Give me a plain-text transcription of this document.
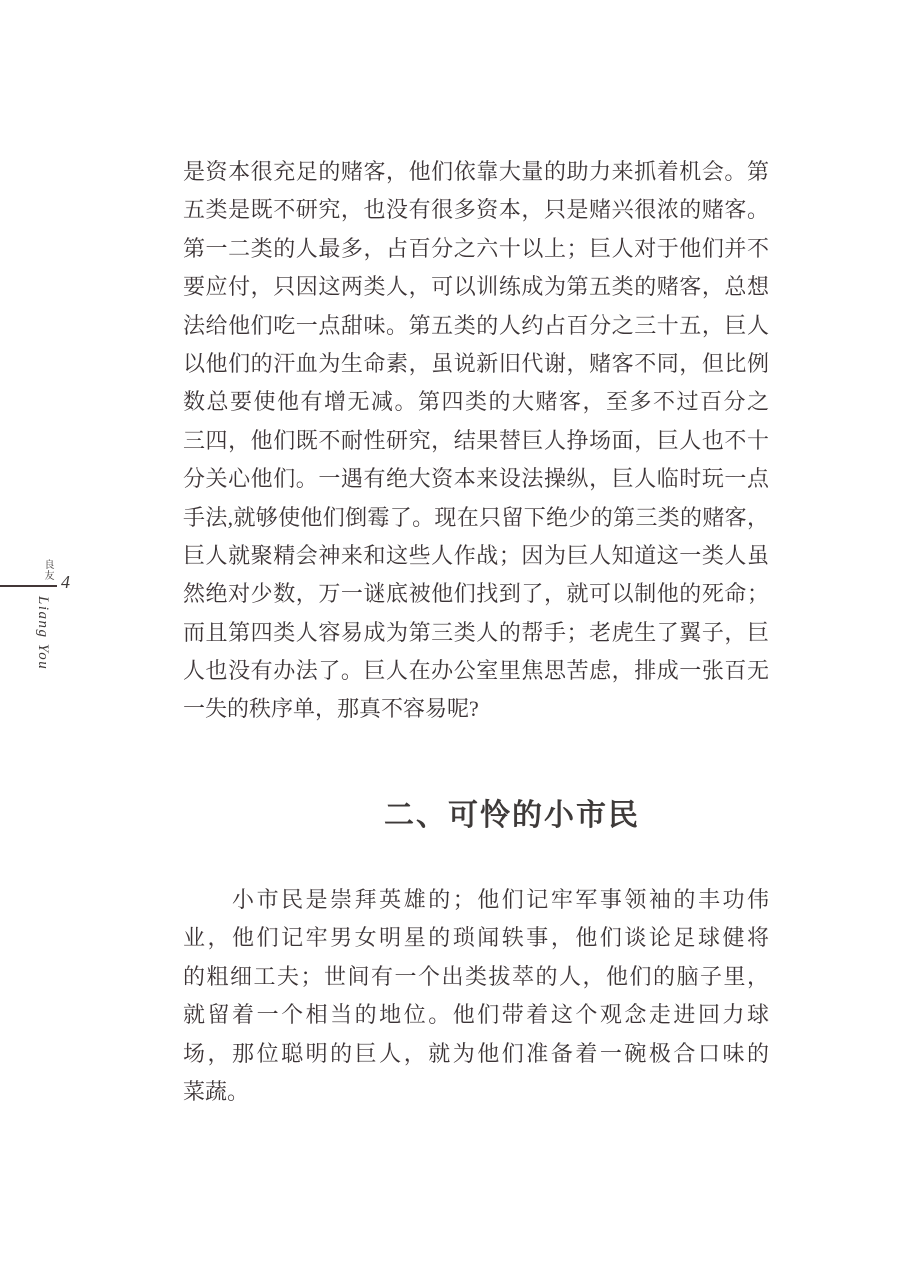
良友
4
Liang You
是资本很充足的赌客，他们依靠大量的助力来抓着机会。第
五类是既不研究，也没有很多资本，只是赌兴很浓的赌客。
第一二类的人最多，占百分之六十以上；巨人对于他们并不
要应付，只因这两类人，可以训练成为第五类的赌客，总想
法给他们吃一点甜味。第五类的人约占百分之三十五，巨人
以他们的汗血为生命素，虽说新旧代谢，赌客不同，但比例
数总要使他有增无减。第四类的大赌客，至多不过百分之
三四，他们既不耐性研究，结果替巨人挣场面，巨人也不十
分关心他们。一遇有绝大资本来设法操纵，巨人临时玩一点
手法,就够使他们倒霉了。现在只留下绝少的第三类的赌客，
巨人就聚精会神来和这些人作战；因为巨人知道这一类人虽
然绝对少数，万一谜底被他们找到了，就可以制他的死命；
而且第四类人容易成为第三类人的帮手；老虎生了翼子，巨
人也没有办法了。巨人在办公室里焦思苦虑，排成一张百无
一失的秩序单，那真不容易呢?
二、可怜的小市民
　　小市民是崇拜英雄的；他们记牢军事领袖的丰功伟
业，他们记牢男女明星的琐闻轶事，他们谈论足球健将
的粗细工夫；世间有一个出类拔萃的人，他们的脑子里，
就留着一个相当的地位。他们带着这个观念走进回力球
场，那位聪明的巨人，就为他们准备着一碗极合口味的
菜蔬。
